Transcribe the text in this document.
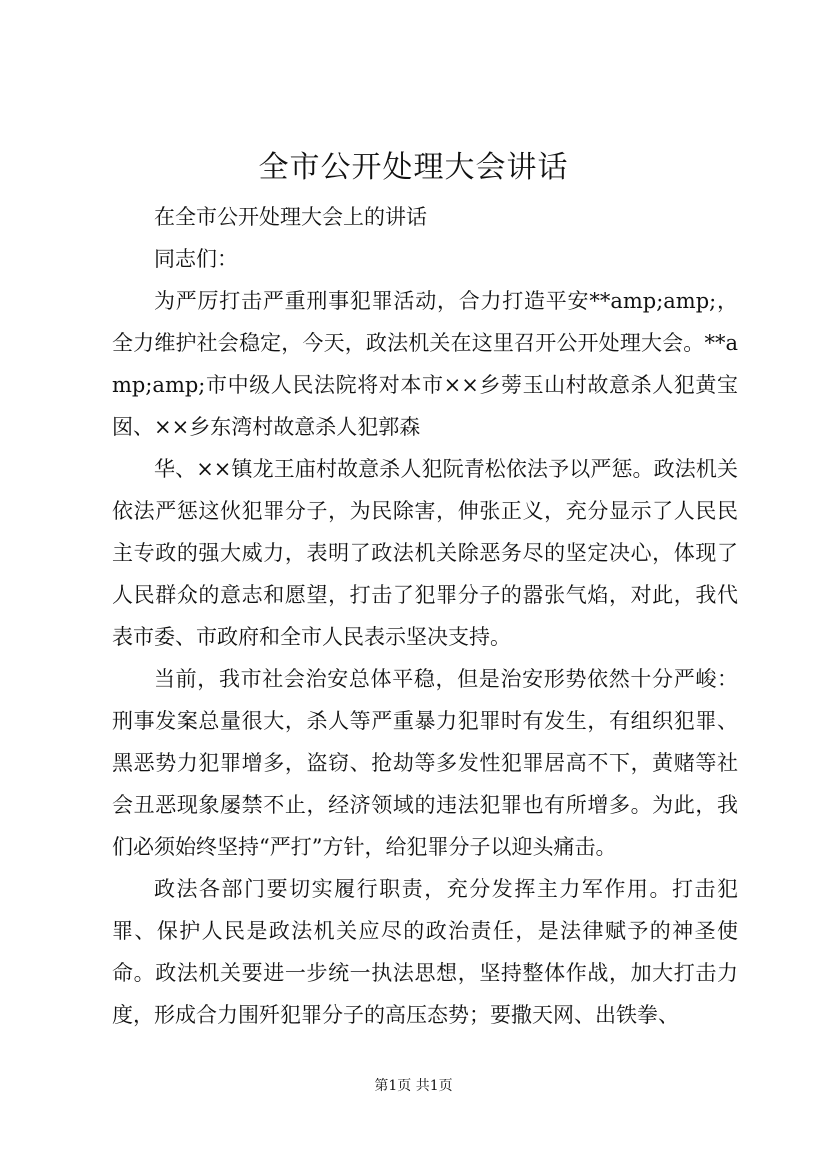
全市公开处理大会讲话

在全市公开处理大会上的讲话

同志们：

为严厉打击严重刑事犯罪活动，合力打造平安**amp;amp;，全力维护社会稳定，今天，政法机关在这里召开公开处理大会。**amp;amp;市中级人民法院将对本市××乡蒡玉山村故意杀人犯黄宝囡、××乡东湾村故意杀人犯郭森

华、××镇龙王庙村故意杀人犯阮青松依法予以严惩。政法机关依法严惩这伙犯罪分子，为民除害，伸张正义，充分显示了人民民主专政的强大威力，表明了政法机关除恶务尽的坚定决心，体现了人民群众的意志和愿望，打击了犯罪分子的嚣张气焰，对此，我代表市委、市政府和全市人民表示坚决支持。

当前，我市社会治安总体平稳，但是治安形势依然十分严峻：刑事发案总量很大，杀人等严重暴力犯罪时有发生，有组织犯罪、黑恶势力犯罪增多，盗窃、抢劫等多发性犯罪居高不下，黄赌等社会丑恶现象屡禁不止，经济领域的违法犯罪也有所增多。为此，我们必须始终坚持“严打”方针，给犯罪分子以迎头痛击。

政法各部门要切实履行职责，充分发挥主力军作用。打击犯罪、保护人民是政法机关应尽的政治责任，是法律赋予的神圣使命。政法机关要进一步统一执法思想，坚持整体作战，加大打击力度，形成合力围歼犯罪分子的高压态势；要撒天网、出铁拳、

第1页 共1页
